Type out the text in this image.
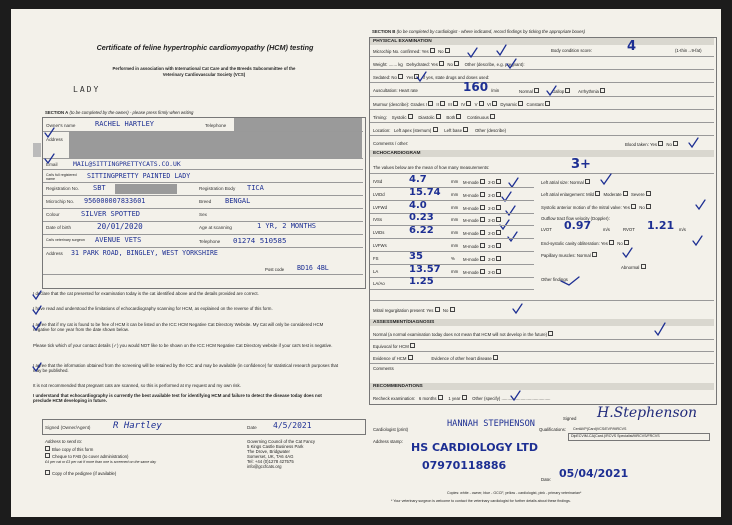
Certificate of feline hypertrophic cardiomyopathy (HCM) testing
Performed in association with International Cat Care and the Breeds Subcommittee of the
Veterinary Cardiovascular Society (VCS)
LADY
SECTION A (to be completed by the owner) - please press firmly when writing
Owner's name	RACHEL HARTLEY	Telephone
Address
Email MAIL@SITTINGPRETTYCATS.CO.UK
Cat's full registered name	SITTINGPRETTY PAINTED LADY
Registration No. SBT	Registration Body TICA
Microchip No. 956000007833601	Breed BENGAL
Colour	SILVER SPOTTED	Sex
Date of birth	20/01/2020	Age at scanning	1 YR, 2 MONTHS
Cat's veterinary surgeon AVENUE VETS	Telephone 01274 510585
Address 31 PARK ROAD, BINGLEY, WEST YORKSHIRE
Post code BD16 4BL
I declare that the cat presented for examination today is the cat identified above and the details provided are correct.
I have read and understood the limitations of echocardiography scanning for HCM, as explained on the reverse of this form.
I agree that if my cat is found to be free of HCM it can be listed on the ICC HCM Negative Cat Directory Website. My Cat will only be considered HCM negative for one year from the date shown below.
Please tick which of your contact details (✓) you would NOT like to be shown on the ICC HCM Negative Cat Directory website if your cat's test is negative.
I agree that the information obtained from the screening will be retained by the ICC and may be available (in confidence) for statistical research purposes that may be published.
It is not recommended that pregnant cats are scanned, so this is performed at my request and my own risk.
I understand that echocardiography is currently the best available test for identifying HCM and failure to detect the disease today does not preclude HCM developing in future.
Signed (Owner/Agent)	R Hartley	Date 4/5/2021
Address to send to:
Blue copy of this form
Cheque to FAB (to cover administration)
£4 per cat or £3 per cat if more than one is screened on the same day
Copy of the pedigree (if available)
Governing Council of the Cat Fancy
5 Kings Castle Business Park
The Drove, Bridgwater
Somerset, UK, TA6 4AG
Tel: +44 (0)1278 427575
info@gccfcats.org
SECTION B (to be completed by cardiologist - where indicated, record findings by ticking the appropriate boxes)
PHYSICAL EXAMINATION
Microchip No. confirmed: Yes No	Body condition score:	4	(1-thin→9-fat)
Weight: ....... kg Dehydrated: Yes No	Other (describe, e.g. pregnant):
Sedated: No Yes If yes, state drugs and doses used:
Auscultation: Heart rate	160 /min	Normal	Gallop	Arrhythmia
Murmur (describe): Grades I II III IV V VI Dynamic Constant
Timing: Systolic	Diastolic	Both	Continuous
Location: Left apex (sternum)	Left base	Other (describe)
Comments / other:	Blood taken: Yes No
ECHOCARDIOGRAM
The values below are the mean of how many measurements:	3+
Left atrial size: Normal
Left atrial enlargement: Mild Moderate Severe
Systolic anterior motion of the mitral valve: Yes No
Outflow tract flow velocity (Doppler):
LVOT 0.97	m/s	RVOT 1.21 m/s
End-systolic cavity obliteration: Yes No
Papillary muscles: Normal
Abnormal
Other findings
Mitral regurgitation present: Yes No
ASSESSMENT/DIAGNOSIS
Normal (a normal examination today does not mean that HCM will not develop in the future)
Equivocal for HCM
Evidence of HCM	Evidence of other heart disease
Comments
RECOMMENDATIONS
Recheck examination: 6 months	1 year	Other (specify) .........................................
Signed H.Stephenson
Cardiologist (print)
HANNAH STEPHENSON
Address stamp:
Qualifications: CertAVP(Card)VCS/EVP/MRCVS
DipECVIM-CA(Card.)/RCVS Specialist/MRCVS/FRCVS
HS CARDIOLOGY LTD
07970118886
Date: 05/04/2021
Copies: white - owner, blue - GCCF, yellow - cardiologist, pink - primary veterinarian*
* Your veterinary surgeon is welcome to contact the veterinary cardiologist for further details about these findings.
IVSd	4.7	mm M-mode 2-D
LVIDd 15.74 mm M-mode 2-D
LVFWd 4.0	mm M-mode 2-D
IVSs	0.23	mm M-mode 2-D
LVIDs 6.22	mm M-mode 2-D
LVFWs	mm M-mode 2-D
FS	35	% M-mode 2-D
LA	13.57 mm M-mode 2-D
LA/Ao 1.25
